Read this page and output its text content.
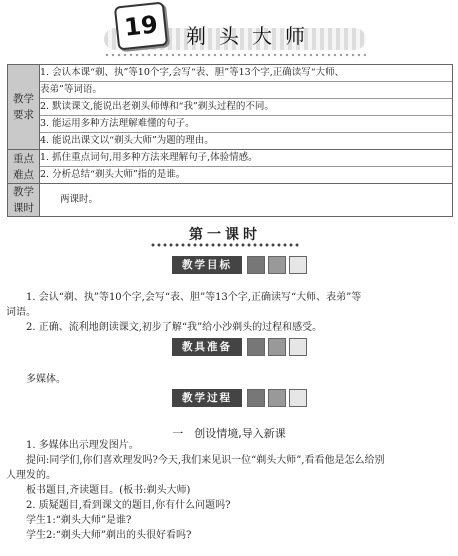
19	剃头大师
教学要求	1. 会认本课“剃、执”等10个字,会写“表、胆”等13个字,正确读写“大师、
表弟”等词语。
2. 默读课文,能说出老剃头师傅和“我”剃头过程的不同。
3. 能运用多种方法理解难懂的句子。
4. 能说出课文以“剃头大师”为题的理由。

重点难点	1. 抓住重点词句,用多种方法来理解句子,体验情感。
2. 分析总结“剃头大师”指的是谁。

教学课时	两课时。
第一课时
教学目标
1. 会认“剃、执”等10个字,会写“表、胆”等13个字,正确读写“大师、表弟”等
词语。
2. 正确、流利地朗读课文,初步了解“我”给小沙剃头的过程和感受。
教具准备
多媒体。
教学过程
一　创设情境,导入新课
1. 多媒体出示理发图片。
提问:同学们,你们喜欢理发吗?今天,我们来见识一位“剃头大师”,看看他是怎么给别
人理发的。
板书题目,齐读题目。(板书:剃头大师)
2. 质疑题目,看到课文的题目,你有什么问题吗?
学生1:“剃头大师”是谁?
学生2:“剃头大师”剃出的头很好看吗?
